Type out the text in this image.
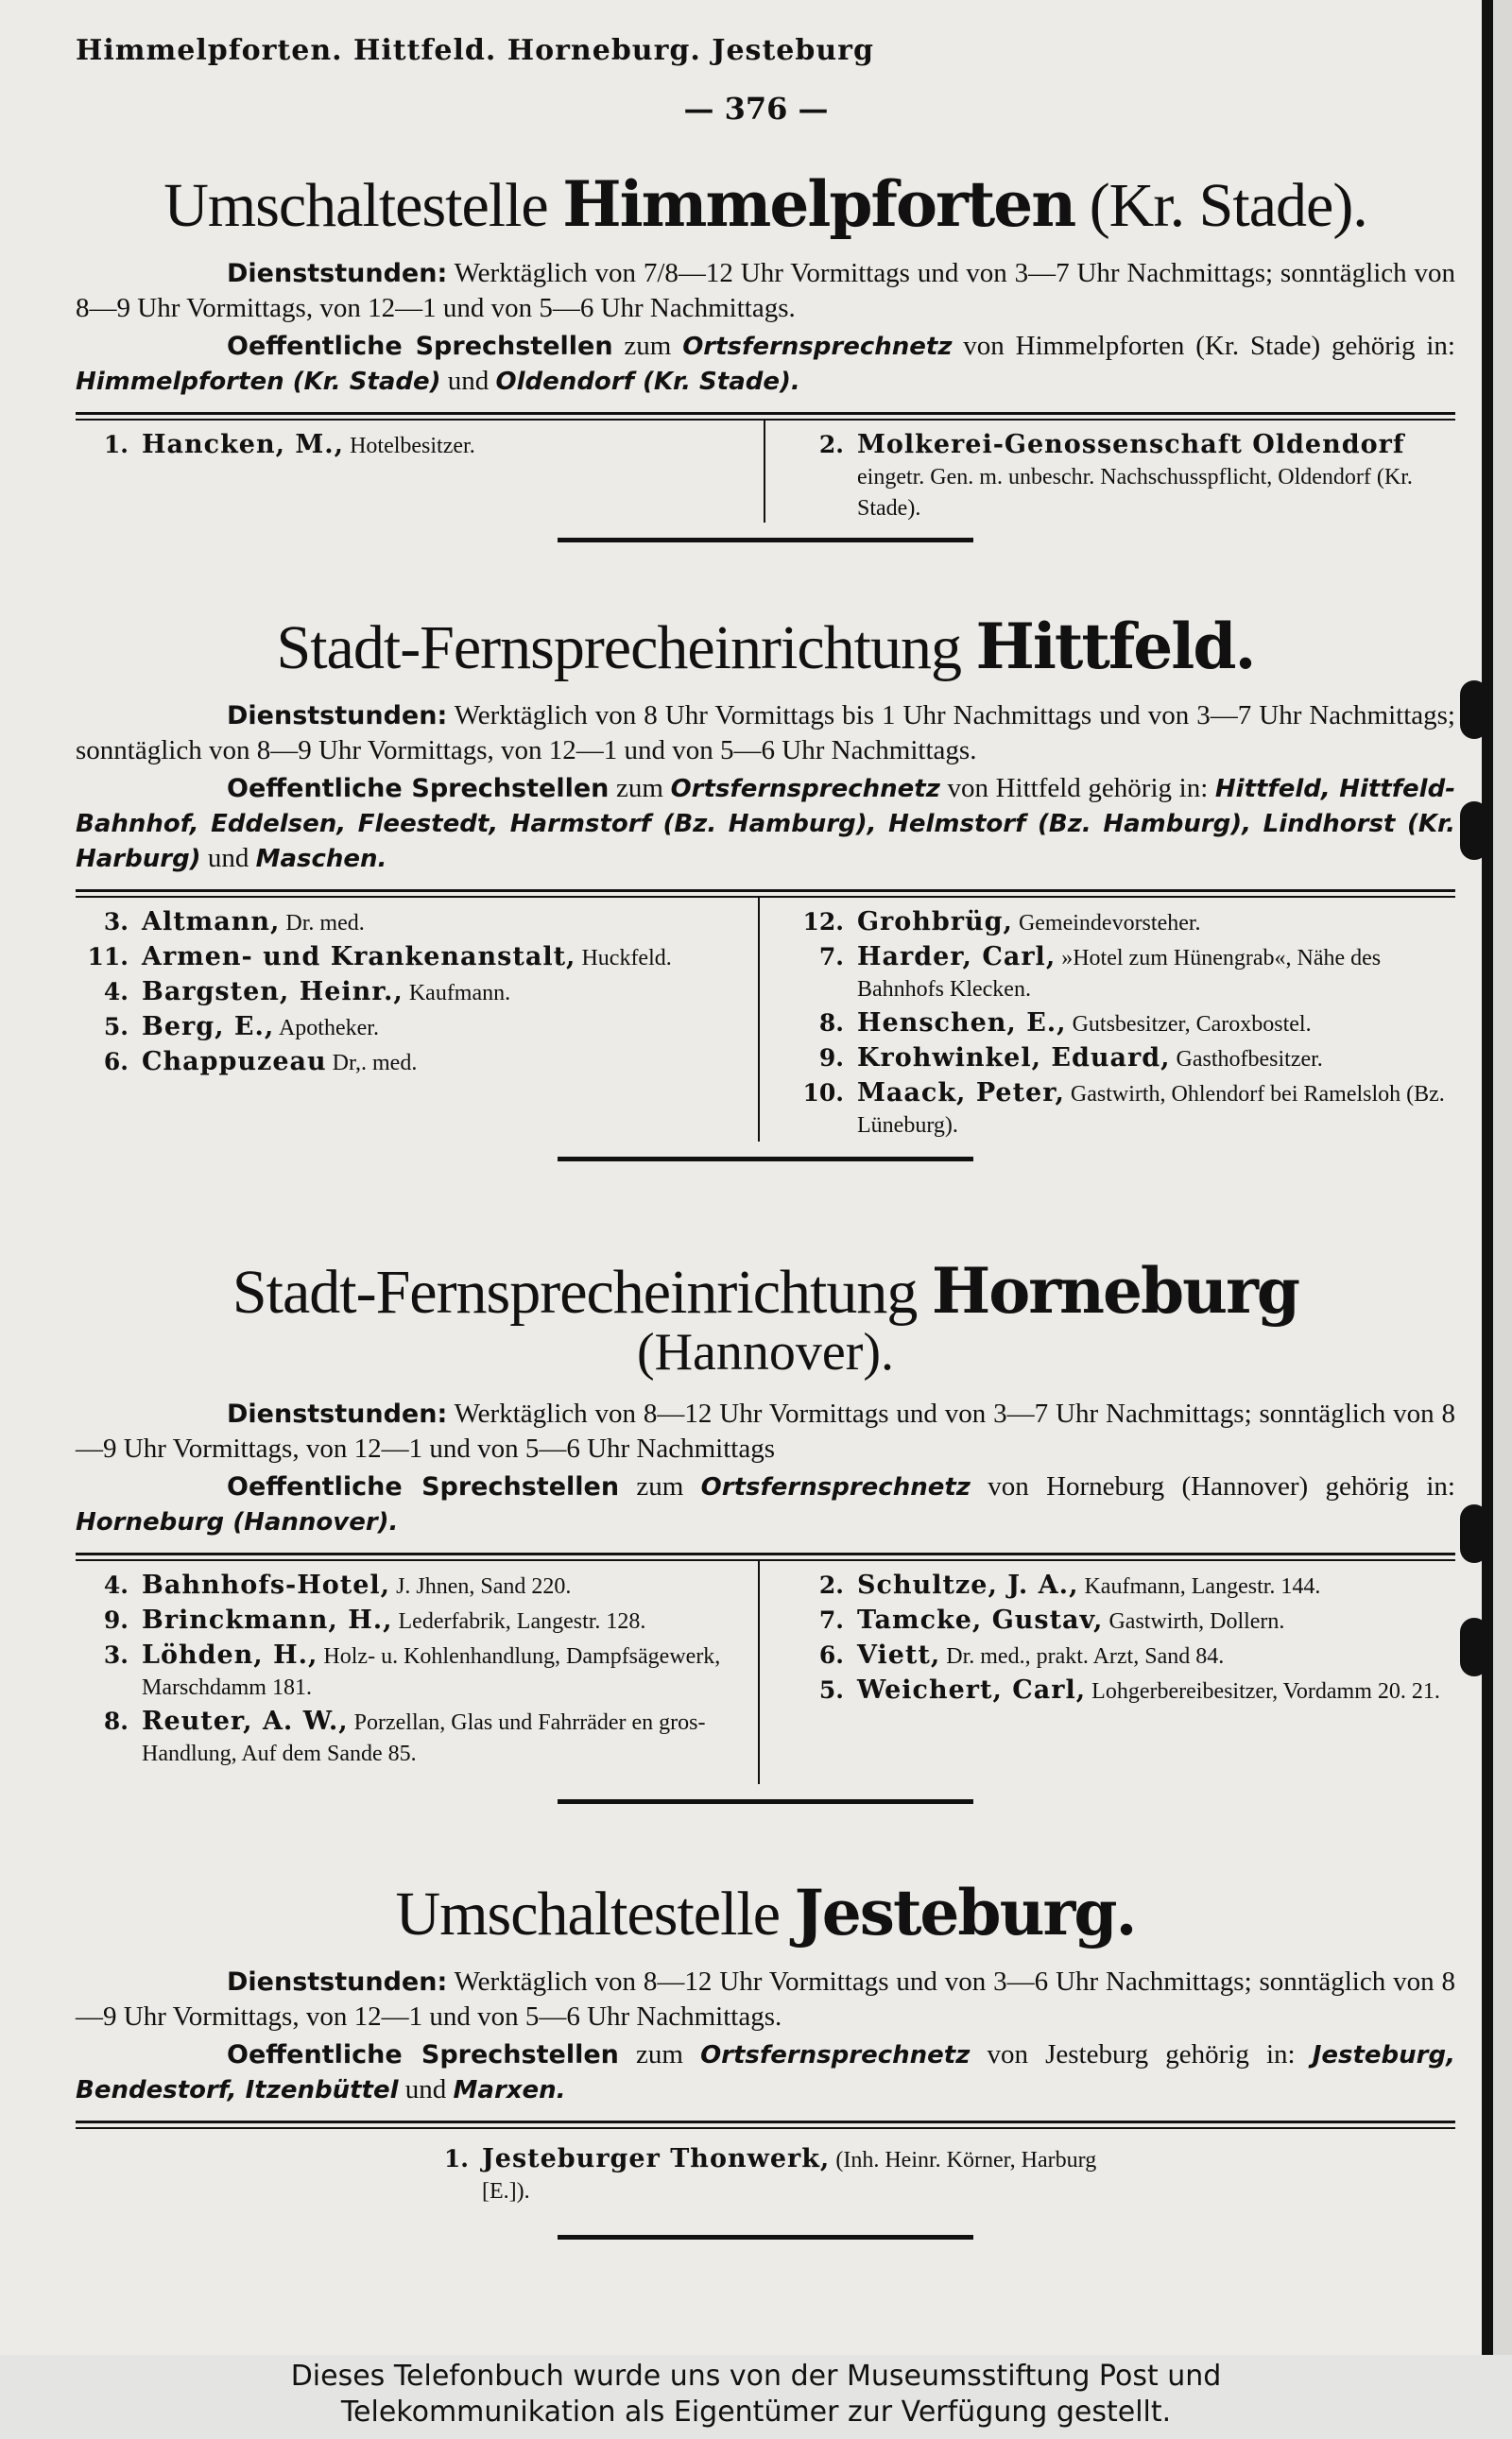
Himmelpforten. Hittfeld. Horneburg. Jesteburg
— 376 —
Umschaltestelle Himmelpforten (Kr. Stade).
Dienststunden: Werktäglich von 7/8—12 Uhr Vormittags und von 3—7 Uhr Nachmittags; sonntäglich von 8—9 Uhr Vormittags, von 12—1 und von 5—6 Uhr Nachmittags.
Oeffentliche Sprechstellen zum Ortsfernsprechnetz von Himmelpforten (Kr. Stade) gehörig in: Himmelpforten (Kr. Stade) und Oldendorf (Kr. Stade).
1. Hancken, M., Hotelbesitzer.	2. Molkerei-Genossenschaft Oldendorf eingetr. Gen. m. unbeschr. Nachschusspflicht, Oldendorf (Kr. Stade).
Stadt-Fernsprecheinrichtung Hittfeld.
Dienststunden: Werktäglich von 8 Uhr Vormittags bis 1 Uhr Nachmittags und von 3—7 Uhr Nachmittags; sonntäglich von 8—9 Uhr Vormittags, von 12—1 und von 5—6 Uhr Nachmittags.
Oeffentliche Sprechstellen zum Ortsfernsprechnetz von Hittfeld gehörig in: Hittfeld, Hittfeld-Bahnhof, Eddelsen, Fleestedt, Harmstorf (Bz. Hamburg), Helmstorf (Bz. Hamburg), Lindhorst (Kr. Harburg) und Maschen.
3. Altmann, Dr. med.
11. Armen- und Krankenanstalt, Huckfeld.
4. Bargsten, Heinr., Kaufmann.
5. Berg, E., Apotheker.
6. Chappuzeau Dr,. med.
12. Grohbrüg, Gemeindevorsteher.
7. Harder, Carl, »Hotel zum Hünengrab«, Nähe des Bahnhofs Klecken.
8. Henschen, E., Gutsbesitzer, Caroxbostel.
9. Krohwinkel, Eduard, Gasthofbesitzer.
10. Maack, Peter, Gastwirth, Ohlendorf bei Ramelsloh (Bz. Lüneburg).
Stadt-Fernsprecheinrichtung Horneburg
(Hannover).
Dienststunden: Werktäglich von 8—12 Uhr Vormittags und von 3—7 Uhr Nachmittags; sonntäglich von 8—9 Uhr Vormittags, von 12—1 und von 5—6 Uhr Nachmittags
Oeffentliche Sprechstellen zum Ortsfernsprechnetz von Horneburg (Hannover) gehörig in: Horneburg (Hannover).
4. Bahnhofs-Hotel, J. Jhnen, Sand 220.
9. Brinckmann, H., Lederfabrik, Langestr. 128.
3. Löhden, H., Holz- u. Kohlenhandlung, Dampfsägewerk, Marschdamm 181.
8. Reuter, A. W., Porzellan, Glas und Fahrräder en gros-Handlung, Auf dem Sande 85.
2. Schultze, J. A., Kaufmann, Langestr. 144.
7. Tamcke, Gustav, Gastwirth, Dollern.
6. Viett, Dr. med., prakt. Arzt, Sand 84.
5. Weichert, Carl, Lohgerbereibesitzer, Vordamm 20. 21.
Umschaltestelle Jesteburg.
Dienststunden: Werktäglich von 8—12 Uhr Vormittags und von 3—6 Uhr Nachmittags; sonntäglich von 8—9 Uhr Vormittags, von 12—1 und von 5—6 Uhr Nachmittags.
Oeffentliche Sprechstellen zum Ortsfernsprechnetz von Jesteburg gehörig in: Jesteburg, Bendestorf, Itzenbüttel und Marxen.
1. Jesteburger Thonwerk, (Inh. Heinr. Körner, Harburg [E.]).
Dieses Telefonbuch wurde uns von der Museumsstiftung Post und
Telekommunikation als Eigentümer zur Verfügung gestellt.
